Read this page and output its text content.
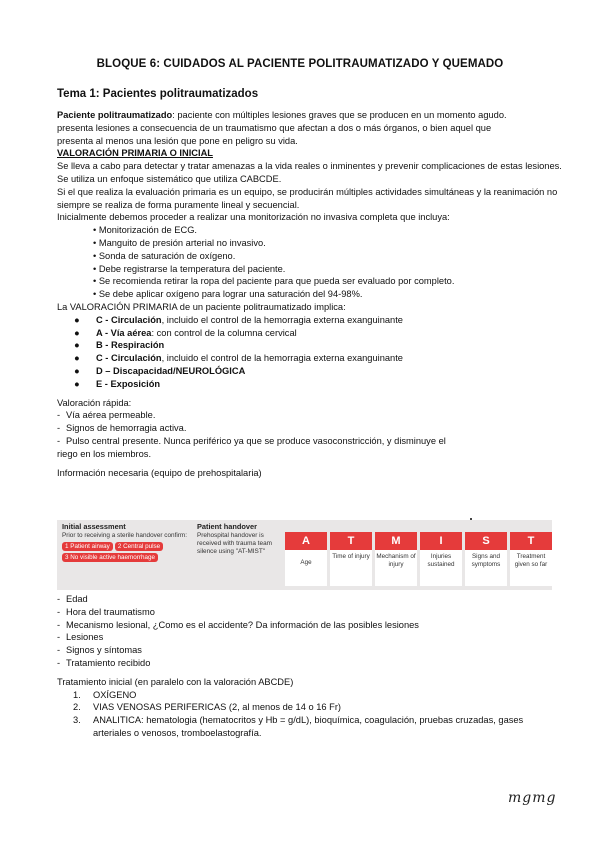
BLOQUE 6: CUIDADOS AL PACIENTE POLITRAUMATIZADO Y QUEMADO
Tema 1: Pacientes politraumatizados

Paciente politraumatizado: paciente con múltiples lesiones graves que se producen en un momento agudo.

presenta lesiones a consecuencia de un traumatismo que afectan a dos o más órganos, o bien aquel que

presenta al menos una lesión que pone en peligro su vida.

VALORACIÓN PRIMARIA O INICIAL

Se lleva a cabo para detectar y tratar amenazas a la vida reales o inminentes y prevenir complicaciones de estas lesiones.

Se utiliza un enfoque sistemático que utiliza CABCDE.

Si el que realiza la evaluación primaria es un equipo, se producirán múltiples actividades simultáneas y la reanimación no siempre se realiza de forma puramente lineal y secuencial.

Inicialmente debemos proceder a realizar una monitorización no invasiva completa que incluya:

• Monitorización de ECG.

• Manguito de presión arterial no invasivo.

• Sonda de saturación de oxígeno.

• Debe registrarse la temperatura del paciente.

• Se recomienda retirar la ropa del paciente para que pueda ser evaluado por completo.

• Se debe aplicar oxígeno para lograr una saturación del 94-98%.

La VALORACIÓN PRIMARIA de un paciente politraumatizado implica:

●	C - Circulación, incluido el control de la hemorragia externa exanguinante
●	A - Vía aérea: con control de la columna cervical
●	B - Respiración
●	C - Circulación, incluido el control de la hemorragia externa exanguinante
●	D – Discapacidad/NEUROLÓGICA
●	E - Exposición

Valoración rápida:

- Vía aérea permeable.
- Signos de hemorragia activa.
- Pulso central presente. Nunca periférico ya que se produce vasoconstricción, y disminuye el

riego en los miembros.

Información necesaria (equipo de prehospitalaria)

Initial assessment
Prior to receiving a sterile handover confirm:
1 Patient airway 2 Central pulse
3 No visible active haemorrhage
Patient handover
Prehospital handover is received with trauma team silence using "AT-MIST"
A
Age
T
Time of injury
M
Mechanism of injury
I
Injuries sustained
S
Signs and symptoms
T
Treatment given so far
- Edad
- Hora del traumatismo
- Mecanismo lesional, ¿Como es el accidente? Da información de las posibles lesiones
- Lesiones
- Signos y síntomas
- Tratamiento recibido

Tratamiento inicial (en paralelo con la valoración ABCDE)

1.	OXÍGENO
2.	VIAS VENOSAS PERIFERICAS (2, al menos de 14 o 16 Fr)
3.	ANALITICA: hematologia (hematocritos y Hb = g/dL), bioquímica, coagulación, pruebas cruzadas, gases arteriales o venosos, tromboelastografía.
mgmg
